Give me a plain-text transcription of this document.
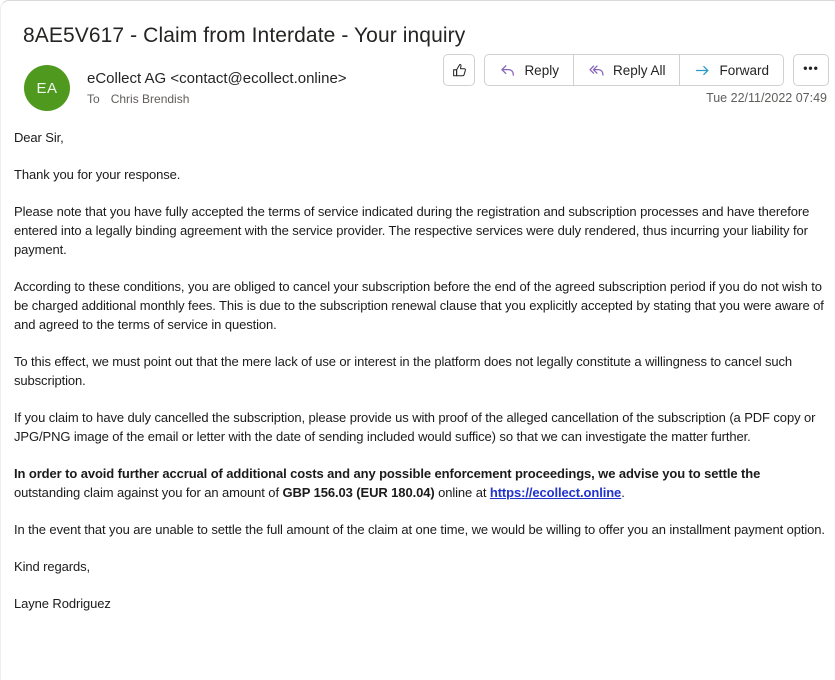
8AE5V617 - Claim from Interdate - Your inquiry
EA
eCollect AG <contact@ecollect.online>
To Chris Brendish
Reply	Reply All	Forward	•••
Tue 22/11/2022 07:49

Dear Sir,

Thank you for your response.

Please note that you have fully accepted the terms of service indicated during the registration and subscription processes and have therefore entered into a legally binding agreement with the service provider. The respective services were duly rendered, thus incurring your liability for payment.

According to these conditions, you are obliged to cancel your subscription before the end of the agreed subscription period if you do not wish to be charged additional monthly fees. This is due to the subscription renewal clause that you explicitly accepted by stating that you were aware of and agreed to the terms of service in question.

To this effect, we must point out that the mere lack of use or interest in the platform does not legally constitute a willingness to cancel such subscription.

If you claim to have duly cancelled the subscription, please provide us with proof of the alleged cancellation of the subscription (a PDF copy or JPG/PNG image of the email or letter with the date of sending included would suffice) so that we can investigate the matter further.

In order to avoid further accrual of additional costs and any possible enforcement proceedings, we advise you to settle the outstanding claim against you for an amount of GBP 156.03 (EUR 180.04) online at https://ecollect.online.

In the event that you are unable to settle the full amount of the claim at one time, we would be willing to offer you an installment payment option.

Kind regards,

Layne Rodriguez
